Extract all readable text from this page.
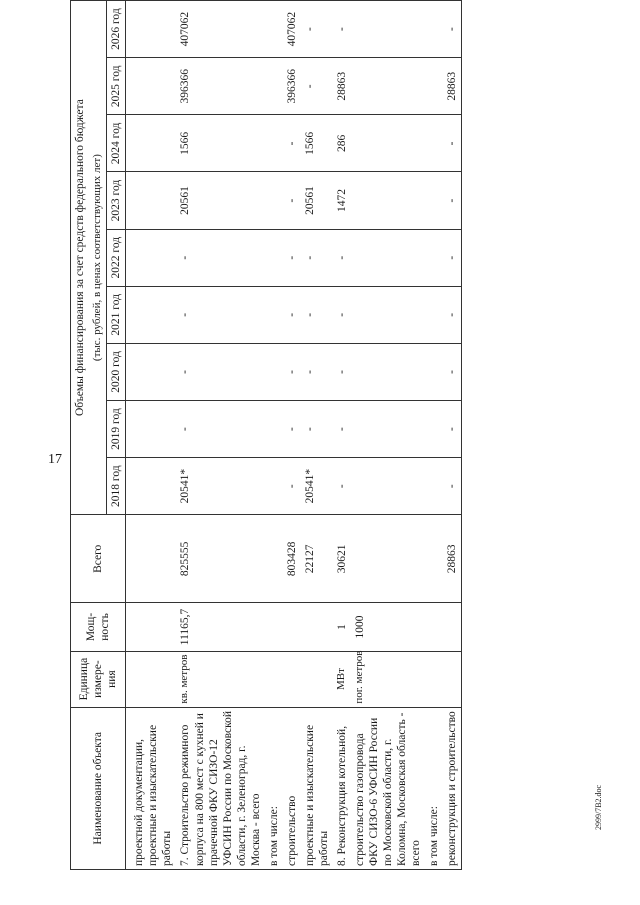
17
2999/7B2.doc
Наименование объекта	Единица измере-ния	Мощ-ность	Всего	Объемы финансирования за счет средств федерального бюджета								
				(тыс. рублей, в ценах соответствующих лет)								
				2018 год	2019 год	2020 год	2021 год	2022 год	2023 год	2024 год	2025 год	2026 год
проектной документации, проектные и изыскательские работы												
7. Строительство режимного корпуса на 800 мест с кухней и прачечной ФКУ СИЗО-12 УФСИН России по Московской области, г. Зеленоград, г. Москва - всего	кв. метров	11165,7	825555	20541*	-	-	-	-	20561	1566	396366	407062
в том числе:												
строительство			803428	-	-	-	-	-	-	-	396366	407062
проектные и изыскательские работы			22127	20541*	-	-	-	-	20561	1566	-	-
8. Реконструкция котельной,	МВт	1	30621	-	-	-	-	-	1472	286	28863	-
строительство газопровода ФКУ СИЗО-6 УФСИН России по Московской области, г. Коломна, Московская область - всего	пог. метров	1000										
в том числе:												
реконструкция и строительство			28863	-	-	-	-	-	-	-	28863	-
